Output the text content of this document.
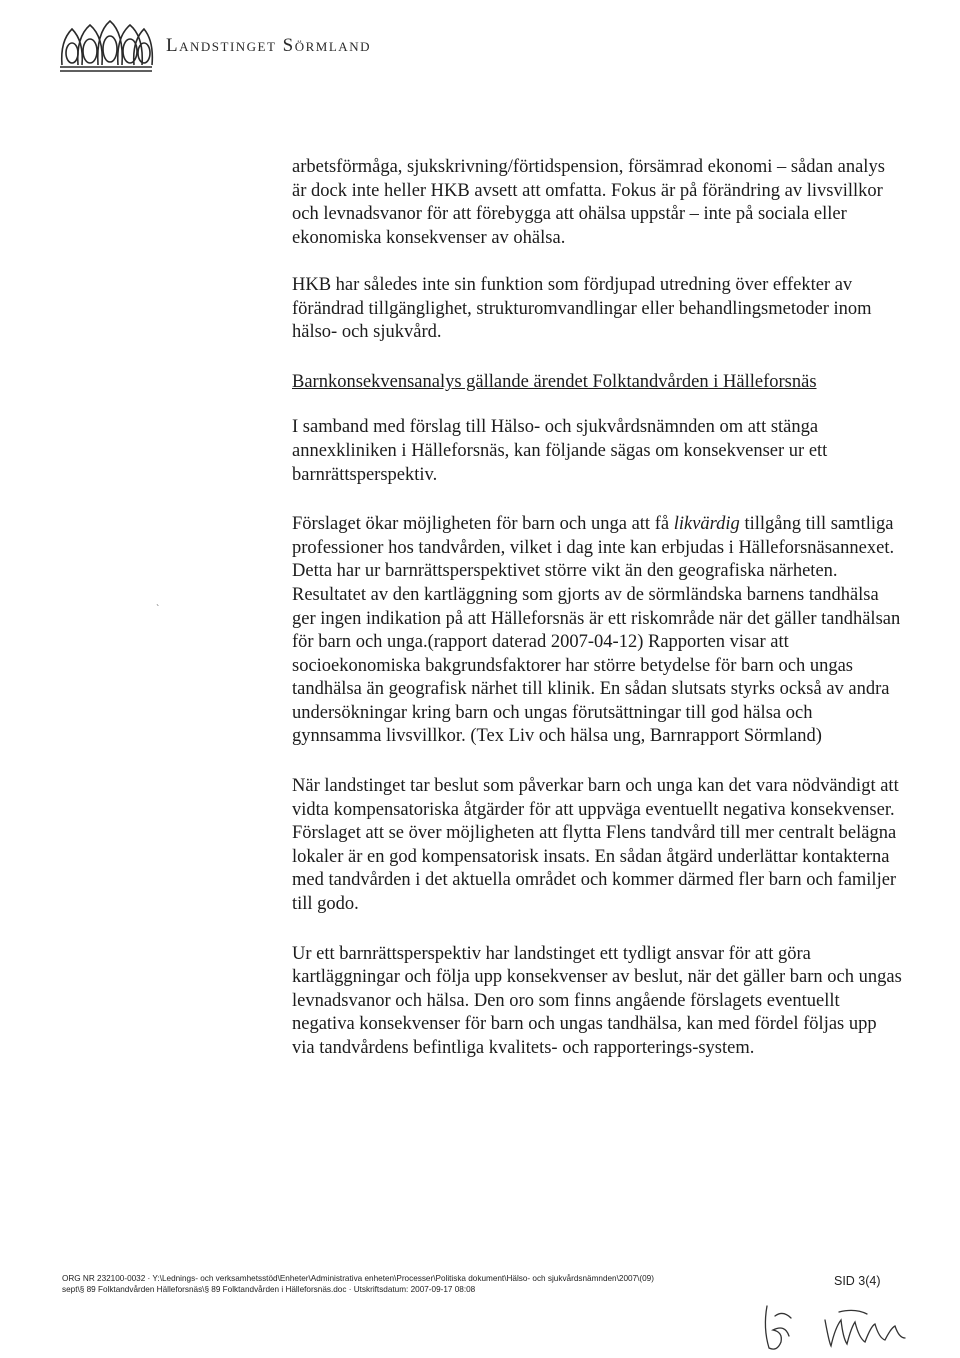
Landstinget Sörmland

arbetsförmåga, sjukskrivning/förtidspension, försämrad ekonomi – sådan analys är dock inte heller HKB avsett att omfatta. Fokus är på förändring av livsvillkor och levnadsvanor för att förebygga att ohälsa uppstår – inte på sociala eller ekonomiska konsekvenser av ohälsa.

HKB har således inte sin funktion som fördjupad utredning över effekter av förändrad tillgänglighet, strukturomvandlingar eller behandlingsmetoder inom hälso- och sjukvård.

Barnkonsekvensanalys gällande ärendet Folktandvården i Hälleforsnäs

I samband med förslag till Hälso- och sjukvårdsnämnden om att stänga annexkliniken i Hälleforsnäs, kan följande sägas om konsekvenser ur ett barnrättsperspektiv.

Förslaget ökar möjligheten för barn och unga att få likvärdig tillgång till samtliga professioner hos tandvården, vilket i dag inte kan erbjudas i Hälleforsnäsannexet. Detta har ur barnrättsperspektivet större vikt än den geografiska närheten. Resultatet av den kartläggning som gjorts av de sörmländska barnens tandhälsa ger ingen indikation på att Hälleforsnäs är ett riskområde när det gäller tandhälsan för barn och unga.(rapport daterad 2007-04-12) Rapporten visar att socioekonomiska bakgrundsfaktorer har större betydelse för barn och ungas tandhälsa än geografisk närhet till klinik. En sådan slutsats styrks också av andra undersökningar kring barn och ungas förutsättningar till god hälsa och gynnsamma livsvillkor. (Tex Liv och hälsa ung, Barnrapport Sörmland)

När landstinget tar beslut som påverkar barn och unga kan det vara nödvändigt att vidta kompensatoriska åtgärder för att uppväga eventuellt negativa konsekvenser. Förslaget att se över möjligheten att flytta Flens tandvård till mer centralt belägna lokaler är en god kompensatorisk insats. En sådan åtgärd underlättar kontakterna med tandvården i det aktuella området och kommer därmed fler barn och familjer till godo.

Ur ett barnrättsperspektiv har landstinget ett tydligt ansvar för att göra kartläggningar och följa upp konsekvenser av beslut, när det gäller barn och ungas levnadsvanor och hälsa. Den oro som finns angående förslagets eventuellt negativa konsekvenser för barn och ungas tandhälsa, kan med fördel följas upp via tandvårdens befintliga kvalitets- och rapporterings-system.

ˋ
ORG NR 232100-0032 · Y:\Lednings- och verksamhetsstöd\Enheter\Administrativa enheten\Processer\Politiska dokument\Hälso- och sjukvårdsnämnden\2007\(09)
sept\§ 89 Folktandvården Hälleforsnäs\§ 89 Folktandvården i Hälleforsnäs.doc · Utskriftsdatum: 2007-09-17 08:08
SID 3(4)
